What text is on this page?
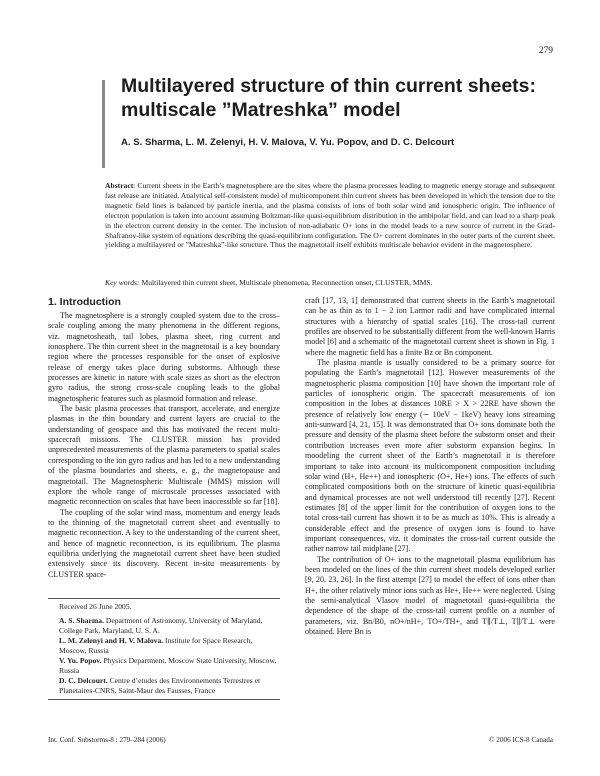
279
Multilayered structure of thin current sheets: multiscale ”Matreshka” model

A. S. Sharma, L. M. Zelenyi, H. V. Malova, V. Yu. Popov, and D. C. Delcourt

Abstract: Current sheets in the Earth’s magnetosphere are the sites where the plasma processes leading to magnetic energy storage and subsequent fast release are initiated. Analytical self-consistent model of multicomponent thin current sheets has been developed in which the tension due to the magnetic field lines is balanced by particle inertia, and the plasma consists of ions of both solar wind and ionospheric origin. The influence of electron population is taken into account assuming Boltzman-like quasi-equilibrium distribution in the ambipolar field, and can lead to a sharp peak in the electron current density in the center. The inclusion of non-adiabatic O+ ions in the model leads to a new source of current in the Grad-Shafranov-like system of equations describing the quasi-equilibrium configuration. The O+ current dominates in the outer parts of the current sheet, yielding a multilayered or ”Matreshka”-like structure. Thus the magnetotail itself exhibits multiscale behavior evident in the magnetosphere.

Key words: Multilayered thin current sheet, Multiscale phenomena, Reconnection onset, CLUSTER, MMS.

1. Introduction

The magnetosphere is a strongly coupled system due to the cross–scale coupling among the many phenomena in the different regions, viz. magnetosheath, tail lobes, plasma sheet, ring current and ionosphere. The thin current sheet in the magnetotail is a key boundary region where the processes responsible for the onset of explosive release of energy takes place during substorms. Although these processes are kinetic in nature with scale sizes as short as the electron gyro radius, the strong cross-scale coupling leads to the global magnetospheric features such as plasmoid formation and release.

The basic plasma processes that transport, accelerate, and energize plasmas in the thin boundary and current layers are crucial to the understanding of geospace and this has motivated the recent multi-spacecraft missions. The CLUSTER mission has provided unprecedented measurements of the plasma parameters to spatial scales corresponding to the ion gyro radius and has led to a new understanding of the plasma boundaries and sheets, e. g., the magnetopause and magnetotail. The Magnetospheric Multiscale (MMS) mission will explore the whole range of microscale processes associated with magnetic reconnection on scales that have been inaccessible so far [18].

The coupling of the solar wind mass, momentum and energy leads to the thinning of the magnetotail current sheet and eventually to magnetic reconnection. A key to the understanding of the current sheet, and hence of magnetic reconnection, is its equilibrium. The plasma equilibria underlying the magnetotail current sheet have been studied extensively since its discovery. Recent in-situ measurements by CLUSTER space-

craft [17, 13, 1] demonstrated that current sheets in the Earth’s magnetotail can be as thin as to 1 − 2 ion Larmor radii and have complicated internal structures with a hierarchy of spatial scales [16]. The cross-tail current profiles are observed to be substantially different from the well-known Harris model [6] and a schematic of the magnetotail current sheet is shown in Fig. 1 where the magnetic field has a finite Bz or Bn component.

The plasma mantle is usually considered to be a primary source for populating the Earth’s magnetotail [12]. However measurements of the magnetospheric plasma composition [10] have shown the important role of particles of ionospheric origin. The spacecraft measurements of ion composition in the lobes at distances 10RE > X > 22RE have shown the presence of relatively low energy (∼ 10eV − 1keV) heavy ions streaming anti-sunward [4, 21, 15]. It was demonstrated that O+ ions dominate both the pressure and density of the plasma sheet before the substorm onset and their contribution increases even more after substorm expansion begins. In moodeling the current sheet of the Earth’s magnetotail it is therefore important to take into account its multicomponent composition including solar wind (H+, He++) and ionospheric (O+, He+) ions. The effects of such complicated compositions both on the structure of kinetic quasi-equilibria and dynamical processes are not well understood till recently [27]. Recent estimates [8] of the upper limit for the contribution of oxygen ions to the total cross-tail current has shown it to be as much as 10%. This is already a considerable effect and the presence of oxygen ions is found to have important consequences, viz. it dominates the cross-tail current outside the rather narrow tail midplane [27].

The contribution of O+ ions to the magnetotail plasma equilibrium has been modeled on the lines of the thin current sheet models developed earlier [9, 20, 23, 26]. In the first attempt [27] to model the effect of ions other than H+, the other relatively minor ions such as He+, He++ were neglected. Using the semi-analytical Vlasov model of magnetotail quasi-equilibria the dependence of the shape of the cross-tail current profile on a number of parameters, viz. Bn/B0, nO+/nH+, TO+/TH+, and T∥/T⊥, T∥/T⊥ were obtained. Here Bn is

Received 26 June 2005.

A. S. Sharma. Department of Astronomy, University of Maryland, College Park, Maryland, U. S. A.

L. M. Zelenyi and H. V. Malova. Institute for Space Research, Moscow, Russia

V. Yu. Popov. Physics Department, Moscow State University, Moscow, Russia

D. C. Delcourt. Centre d’etudes des Environnements Terrestres et Planetaires-CNRS, Saint-Maur des Fausses, France

Int. Conf. Substorms-8 : 279–284 (2006)	© 2006 ICS-8 Canada
